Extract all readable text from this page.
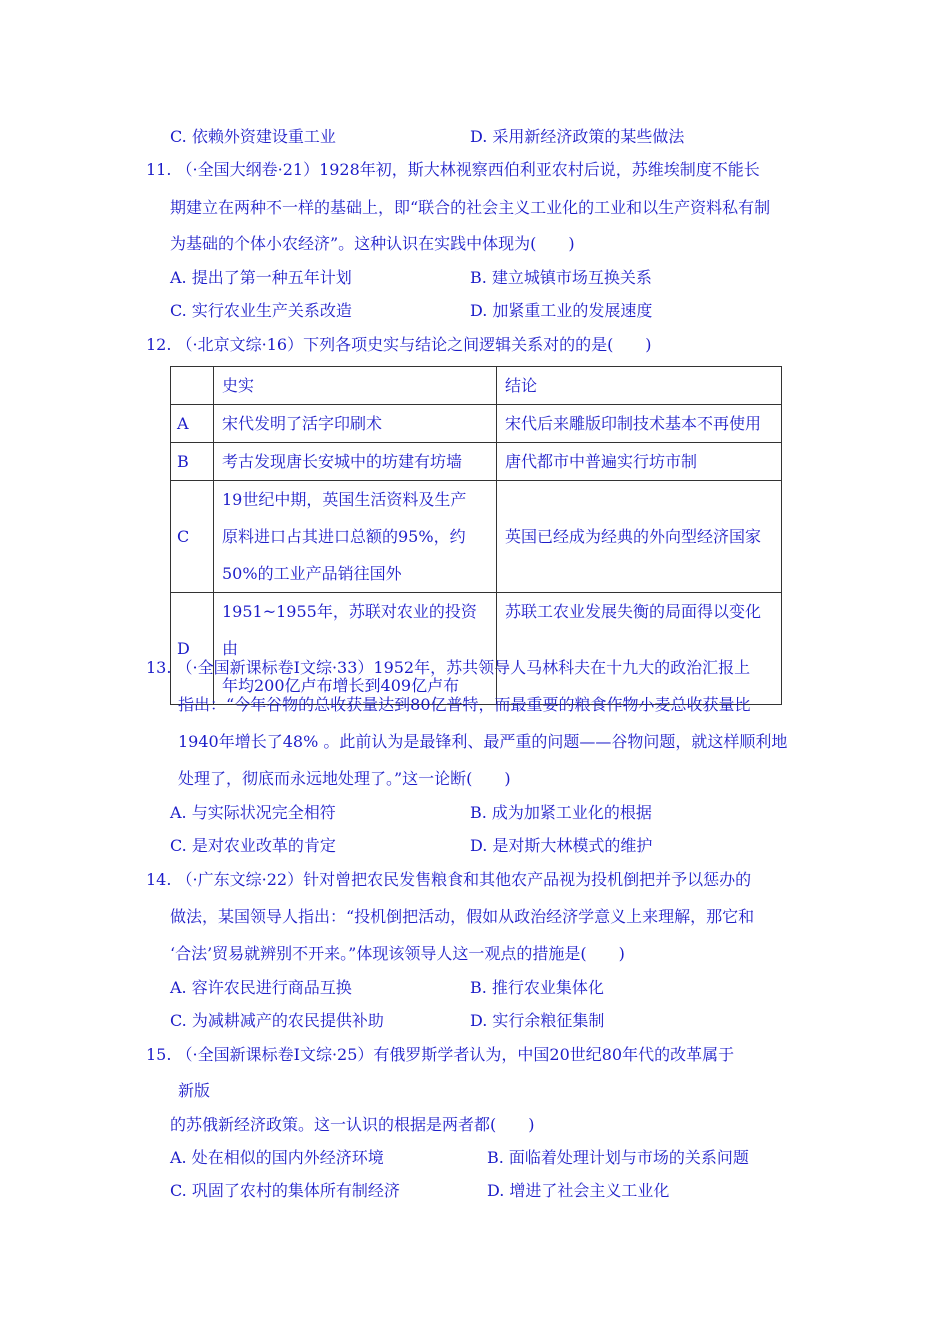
C. 依赖外资建设重工业	D. 采用新经济政策的某些做法
11. （·全国大纲卷·21）1928年初，斯大林视察西伯利亚农村后说，苏维埃制度不能长
期建立在两种不一样的基础上，即“联合的社会主义工业化的工业和以生产资料私有制
为基础的个体小农经济”。这种认识在实践中体现为(　　)
A. 提出了第一种五年计划	B. 建立城镇市场互换关系
C. 实行农业生产关系改造	D. 加紧重工业的发展速度
12. （·北京文综·16）下列各项史实与结论之间逻辑关系对的的是(　　)
	史实	结论
A	宋代发明了活字印刷术	宋代后来雕版印制技术基本不再使用
B	考古发现唐长安城中的坊建有坊墙	唐代都市中普遍实行坊市制
C	19世纪中期，英国生活资料及生产
原料进口占其进口总额的95%，约
50%的工业产品销往国外	英国已经成为经典的外向型经济国家
D	1951~1955年，苏联对农业的投资由
年均200亿卢布增长到409亿卢布	苏联工农业发展失衡的局面得以变化
13. （·全国新课标卷Ⅰ文综·33）1952年，苏共领导人马林科夫在十九大的政治汇报上
指出：“今年谷物的总收获量达到80亿普特，而最重要的粮食作物小麦总收获量比
1940年增长了48% 。此前认为是最锋利、最严重的问题——谷物问题，就这样顺利地
处理了，彻底而永远地处理了。”这一论断(　　)
A. 与实际状况完全相符	B. 成为加紧工业化的根据
C. 是对农业改革的肯定	D. 是对斯大林模式的维护
14. （·广东文综·22）针对曾把农民发售粮食和其他农产品视为投机倒把并予以惩办的
做法，某国领导人指出：“投机倒把活动，假如从政治经济学意义上来理解，那它和
‘合法’贸易就辨别不开来。”体现该领导人这一观点的措施是(　　)
A. 容许农民进行商品互换	B. 推行农业集体化
C. 为减耕减产的农民提供补助	D. 实行余粮征集制
15. （·全国新课标卷Ⅰ文综·25）有俄罗斯学者认为，中国20世纪80年代的改革属于
新版
的苏俄新经济政策。这一认识的根据是两者都(　　)
A. 处在相似的国内外经济环境	B. 面临着处理计划与市场的关系问题
C. 巩固了农村的集体所有制经济	D. 增进了社会主义工业化
